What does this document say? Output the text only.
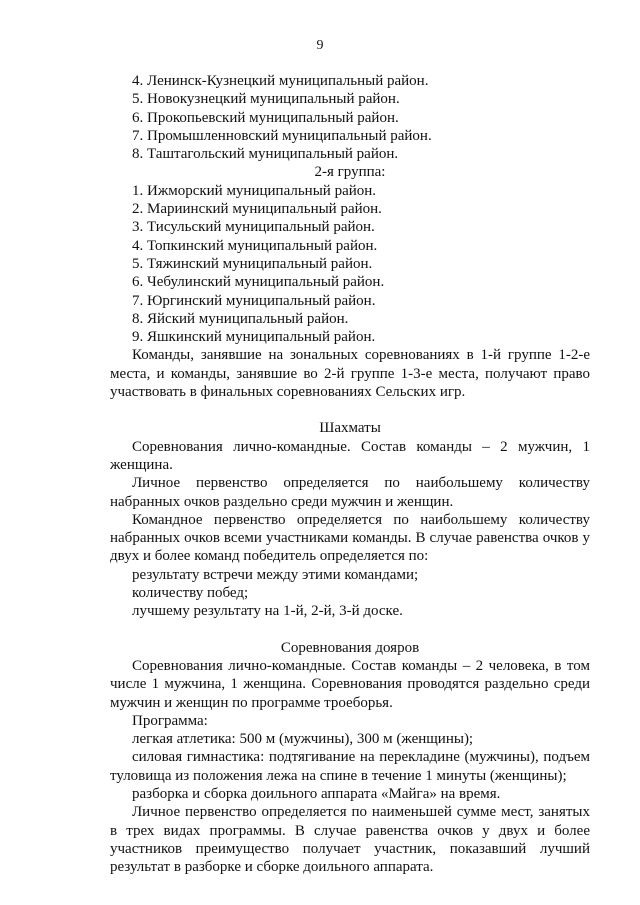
9
4. Ленинск-Кузнецкий муниципальный район.
5. Новокузнецкий муниципальный район.
6. Прокопьевский муниципальный район.
7. Промышленновский муниципальный район.
8. Таштагольский муниципальный район.
2-я группа:
1. Ижморский муниципальный район.
2. Мариинский муниципальный район.
3. Тисульский муниципальный район.
4. Топкинский муниципальный район.
5. Тяжинский муниципальный район.
6. Чебулинский муниципальный район.
7. Юргинский муниципальный район.
8. Яйский муниципальный район.
9. Яшкинский муниципальный район.
Команды, занявшие на зональных соревнованиях в 1-й группе 1-2-е места, и команды, занявшие во 2-й группе 1-3-е места, получают право участвовать в финальных соревнованиях Сельских игр.
Шахматы
Соревнования лично-командные. Состав команды – 2 мужчин, 1 женщина.
Личное первенство определяется по наибольшему количеству набранных очков раздельно среди мужчин и женщин.
Командное первенство определяется по наибольшему количеству набранных очков всеми участниками команды. В случае равенства очков у двух и более команд победитель определяется по:
результату встречи между этими командами;
количеству побед;
лучшему результату на 1-й, 2-й, 3-й доске.
Соревнования дояров
Соревнования лично-командные. Состав команды – 2 человека, в том числе 1 мужчина, 1 женщина. Соревнования проводятся раздельно среди мужчин и женщин по программе троеборья.
Программа:
легкая атлетика: 500 м (мужчины), 300 м (женщины);
силовая гимнастика: подтягивание на перекладине (мужчины), подъем туловища из положения лежа на спине в течение 1 минуты (женщины);
разборка и сборка доильного аппарата «Майга» на время.
Личное первенство определяется по наименьшей сумме мест, занятых в трех видах программы. В случае равенства очков у двух и более участников преимущество получает участник, показавший лучший результат в разборке и сборке доильного аппарата.
